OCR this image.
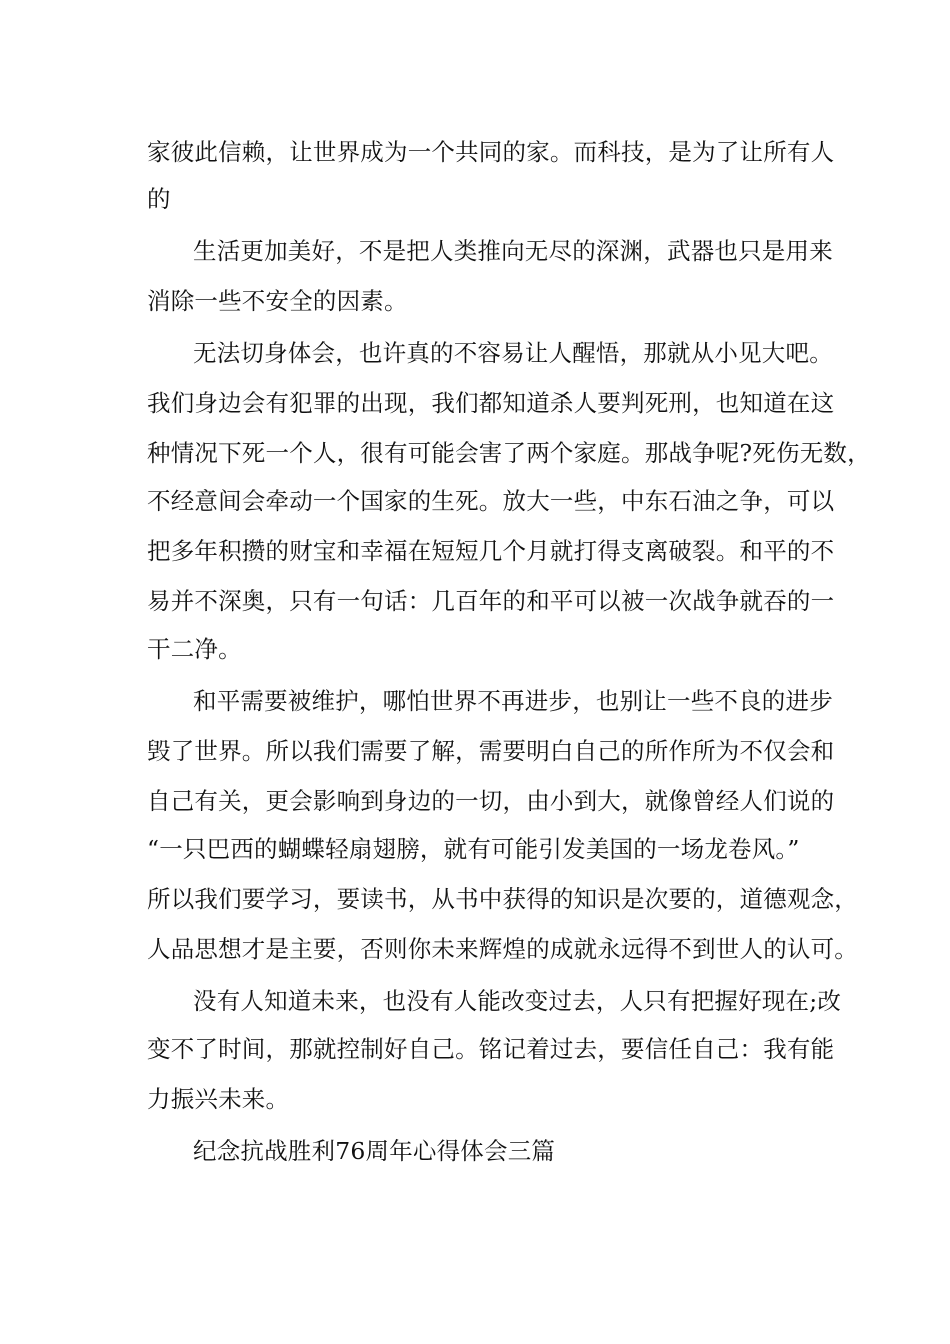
家彼此信赖，让世界成为一个共同的家。而科技，是为了让所有人
的
生活更加美好，不是把人类推向无尽的深渊，武器也只是用来
消除一些不安全的因素。
无法切身体会，也许真的不容易让人醒悟，那就从小见大吧。
我们身边会有犯罪的出现，我们都知道杀人要判死刑，也知道在这
种情况下死一个人，很有可能会害了两个家庭。那战争呢?死伤无数，
不经意间会牵动一个国家的生死。放大一些，中东石油之争，可以
把多年积攒的财宝和幸福在短短几个月就打得支离破裂。和平的不
易并不深奥，只有一句话：几百年的和平可以被一次战争就吞的一
干二净。
和平需要被维护，哪怕世界不再进步，也别让一些不良的进步
毁了世界。所以我们需要了解，需要明白自己的所作所为不仅会和
自己有关，更会影响到身边的一切，由小到大，就像曾经人们说的
“一只巴西的蝴蝶轻扇翅膀，就有可能引发美国的一场龙卷风。”
所以我们要学习，要读书，从书中获得的知识是次要的，道德观念，
人品思想才是主要，否则你未来辉煌的成就永远得不到世人的认可。
没有人知道未来，也没有人能改变过去，人只有把握好现在;改
变不了时间，那就控制好自己。铭记着过去，要信任自己：我有能
力振兴未来。
纪念抗战胜利76周年心得体会三篇
